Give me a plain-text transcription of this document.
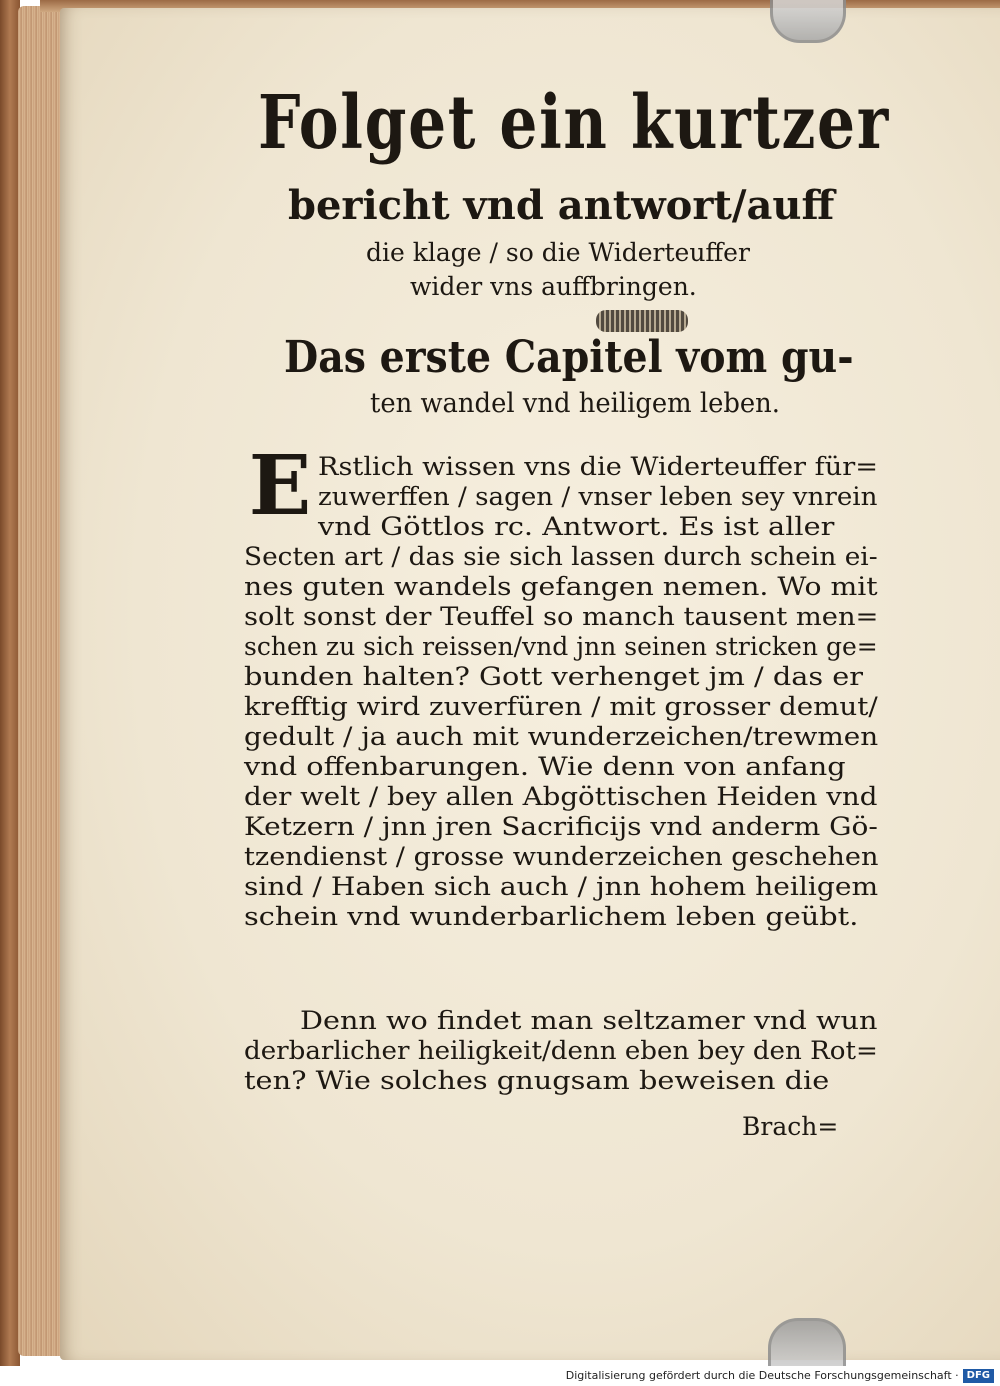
Folget ein kurtzer
bericht vnd antwort/auff
die klage / so die Widerteuffer
wider vns auffbringen.
Das erste Capitel vom gu-
ten wandel vnd heiligem leben.
E Rstlich wissen vns die Widerteuffer für=
zuwerffen / sagen / vnser leben sey vnrein
vnd Göttlos rc. Antwort. Es ist aller
Secten art / das sie sich lassen durch schein ei-
nes guten wandels gefangen nemen. Wo mit
solt sonst der Teuffel so manch tausent men=
schen zu sich reissen/vnd jnn seinen stricken ge=
bunden halten? Gott verhenget jm / das er
krefftig wird zuverfüren / mit grosser demut/
gedult / ja auch mit wunderzeichen/trewmen
vnd offenbarungen. Wie denn von anfang
der welt / bey allen Abgöttischen Heiden vnd
Ketzern / jnn jren Sacrificijs vnd anderm Gö-
tzendienst / grosse wunderzeichen geschehen
sind / Haben sich auch / jnn hohem heiligem
schein vnd wunderbarlichem leben geübt.
Denn wo findet man seltzamer vnd wun
derbarlicher heiligkeit/denn eben bey den Rot=
ten? Wie solches gnugsam beweisen die
Brach=
Digitalisierung gefördert durch die Deutsche Forschungsgemeinschaft · DFG
